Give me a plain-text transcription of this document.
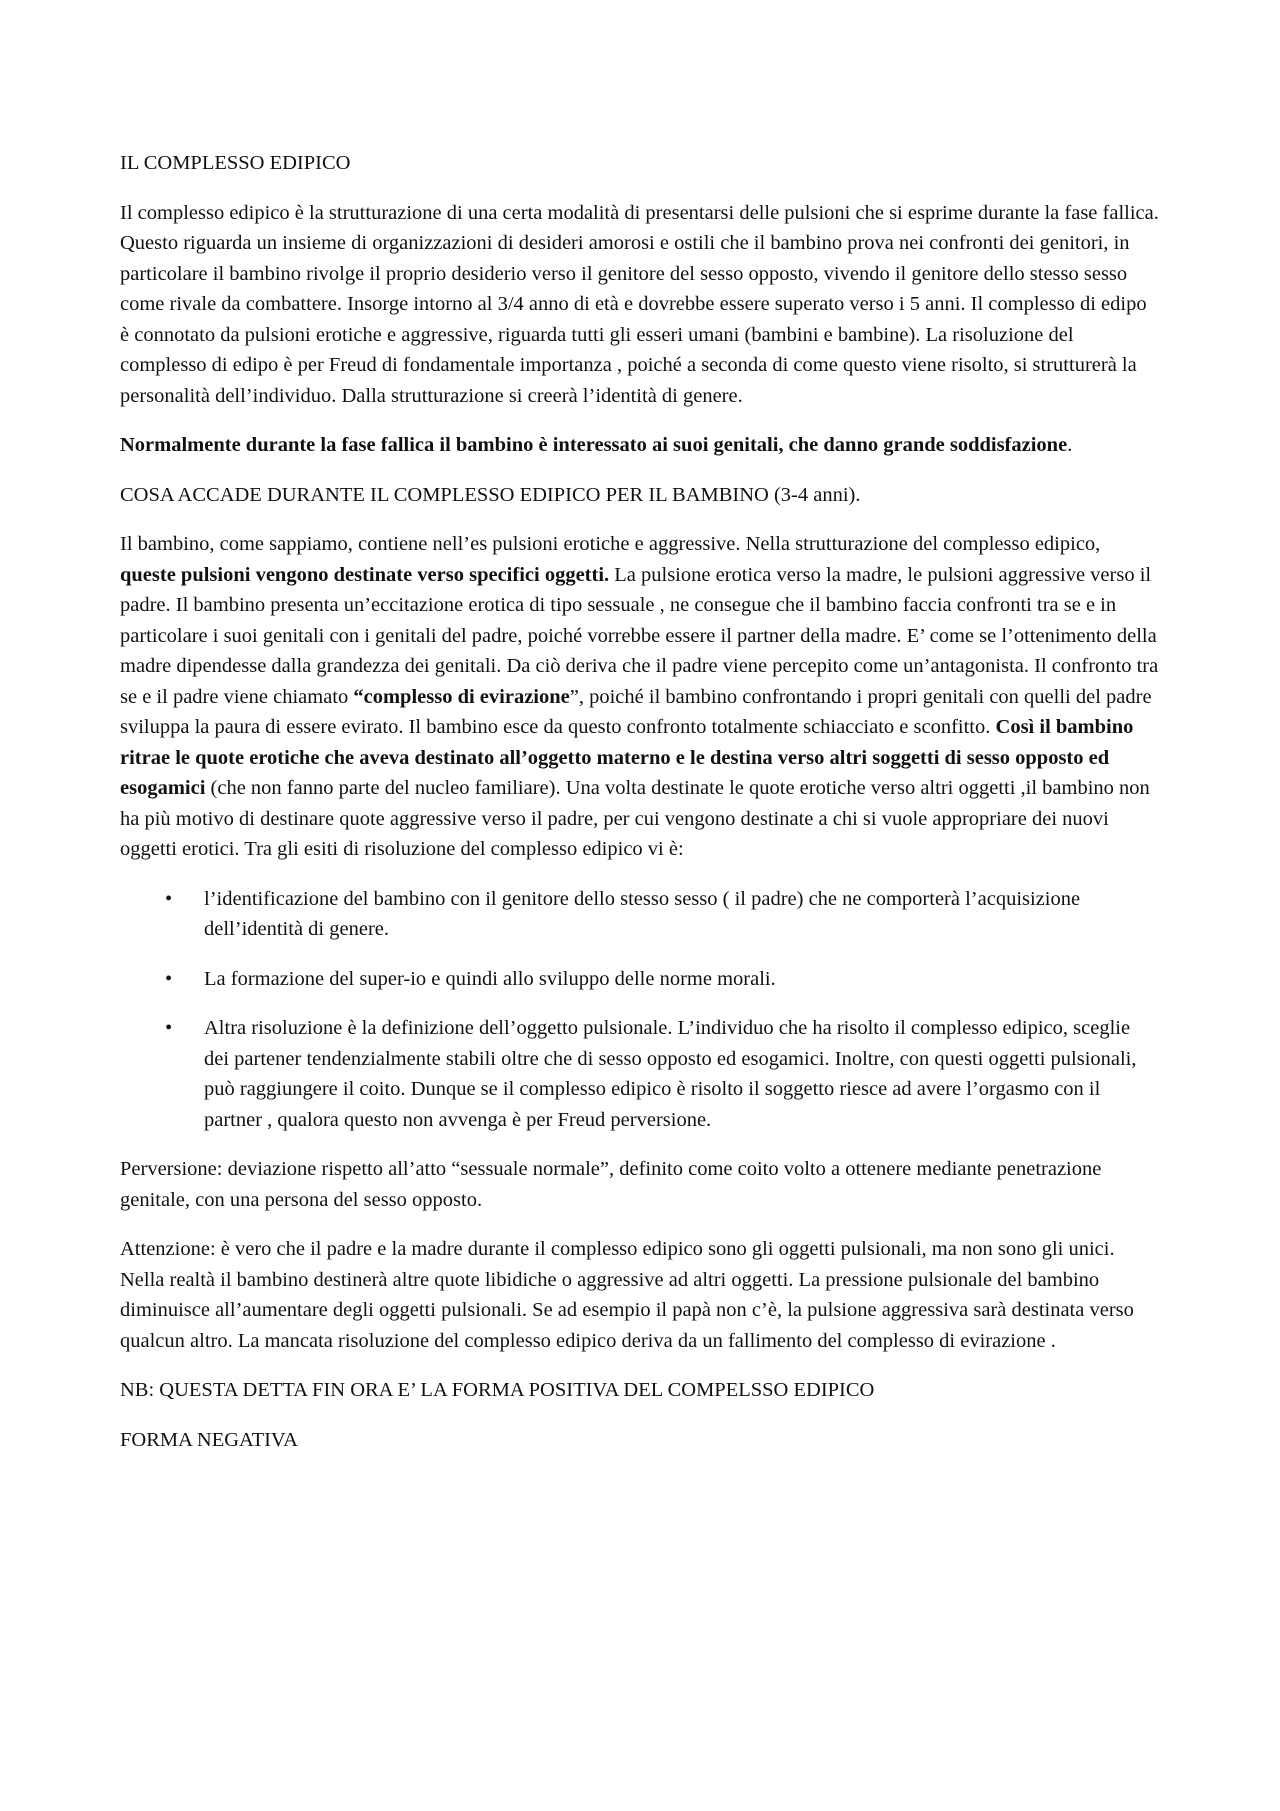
IL COMPLESSO EDIPICO

Il complesso edipico è la strutturazione di una certa modalità di presentarsi delle pulsioni che si esprime durante la fase fallica. Questo riguarda un insieme di organizzazioni di desideri amorosi e ostili che il bambino prova nei confronti dei genitori, in particolare il bambino rivolge il proprio desiderio verso il genitore del sesso opposto, vivendo il genitore dello stesso sesso come rivale da combattere. Insorge intorno al 3/4 anno di età e dovrebbe essere superato verso i 5 anni. Il complesso di edipo è connotato da pulsioni erotiche e aggressive, riguarda tutti gli esseri umani (bambini e bambine). La risoluzione del complesso di edipo è per Freud di fondamentale importanza , poiché a seconda di come questo viene risolto, si strutturerà la personalità dell’individuo. Dalla strutturazione si creerà l’identità di genere.

Normalmente durante la fase fallica il bambino è interessato ai suoi genitali, che danno grande soddisfazione.

COSA ACCADE DURANTE IL COMPLESSO EDIPICO PER IL BAMBINO (3-4 anni).

Il bambino, come sappiamo, contiene nell’es pulsioni erotiche e aggressive. Nella strutturazione del complesso edipico, queste pulsioni vengono destinate verso specifici oggetti. La pulsione erotica verso la madre, le pulsioni aggressive verso il padre. Il bambino presenta un’eccitazione erotica di tipo sessuale , ne consegue che il bambino faccia confronti tra se e in particolare i suoi genitali con i genitali del padre, poiché vorrebbe essere il partner della madre. E’ come se l’ottenimento della madre dipendesse dalla grandezza dei genitali. Da ciò deriva che il padre viene percepito come un’antagonista. Il confronto tra se e il padre viene chiamato “complesso di evirazione”, poiché il bambino confrontando i propri genitali con quelli del padre sviluppa la paura di essere evirato. Il bambino esce da questo confronto totalmente schiacciato e sconfitto. Così il bambino ritrae le quote erotiche che aveva destinato all’oggetto materno e le destina verso altri soggetti di sesso opposto ed esogamici (che non fanno parte del nucleo familiare). Una volta destinate le quote erotiche verso altri oggetti ,il bambino non ha più motivo di destinare quote aggressive verso il padre, per cui vengono destinate a chi si vuole appropriare dei nuovi oggetti erotici. Tra gli esiti di risoluzione del complesso edipico vi è:

• l’identificazione del bambino con il genitore dello stesso sesso ( il padre) che ne comporterà l’acquisizione dell’identità di genere.
• La formazione del super-io e quindi allo sviluppo delle norme morali.
• Altra risoluzione è la definizione dell’oggetto pulsionale. L’individuo che ha risolto il complesso edipico, sceglie dei partener tendenzialmente stabili oltre che di sesso opposto ed esogamici. Inoltre, con questi oggetti pulsionali, può raggiungere il coito. Dunque se il complesso edipico è risolto il soggetto riesce ad avere l’orgasmo con il partner , qualora questo non avvenga è per Freud perversione.

Perversione: deviazione rispetto all’atto “sessuale normale”, definito come coito volto a ottenere mediante penetrazione genitale, con una persona del sesso opposto.

Attenzione: è vero che il padre e la madre durante il complesso edipico sono gli oggetti pulsionali, ma non sono gli unici. Nella realtà il bambino destinerà altre quote libidiche o aggressive ad altri oggetti. La pressione pulsionale del bambino diminuisce all’aumentare degli oggetti pulsionali. Se ad esempio il papà non c’è, la pulsione aggressiva sarà destinata verso qualcun altro. La mancata risoluzione del complesso edipico deriva da un fallimento del complesso di evirazione .

NB: QUESTA DETTA FIN ORA E’ LA FORMA POSITIVA DEL COMPELSSO EDIPICO

FORMA NEGATIVA
